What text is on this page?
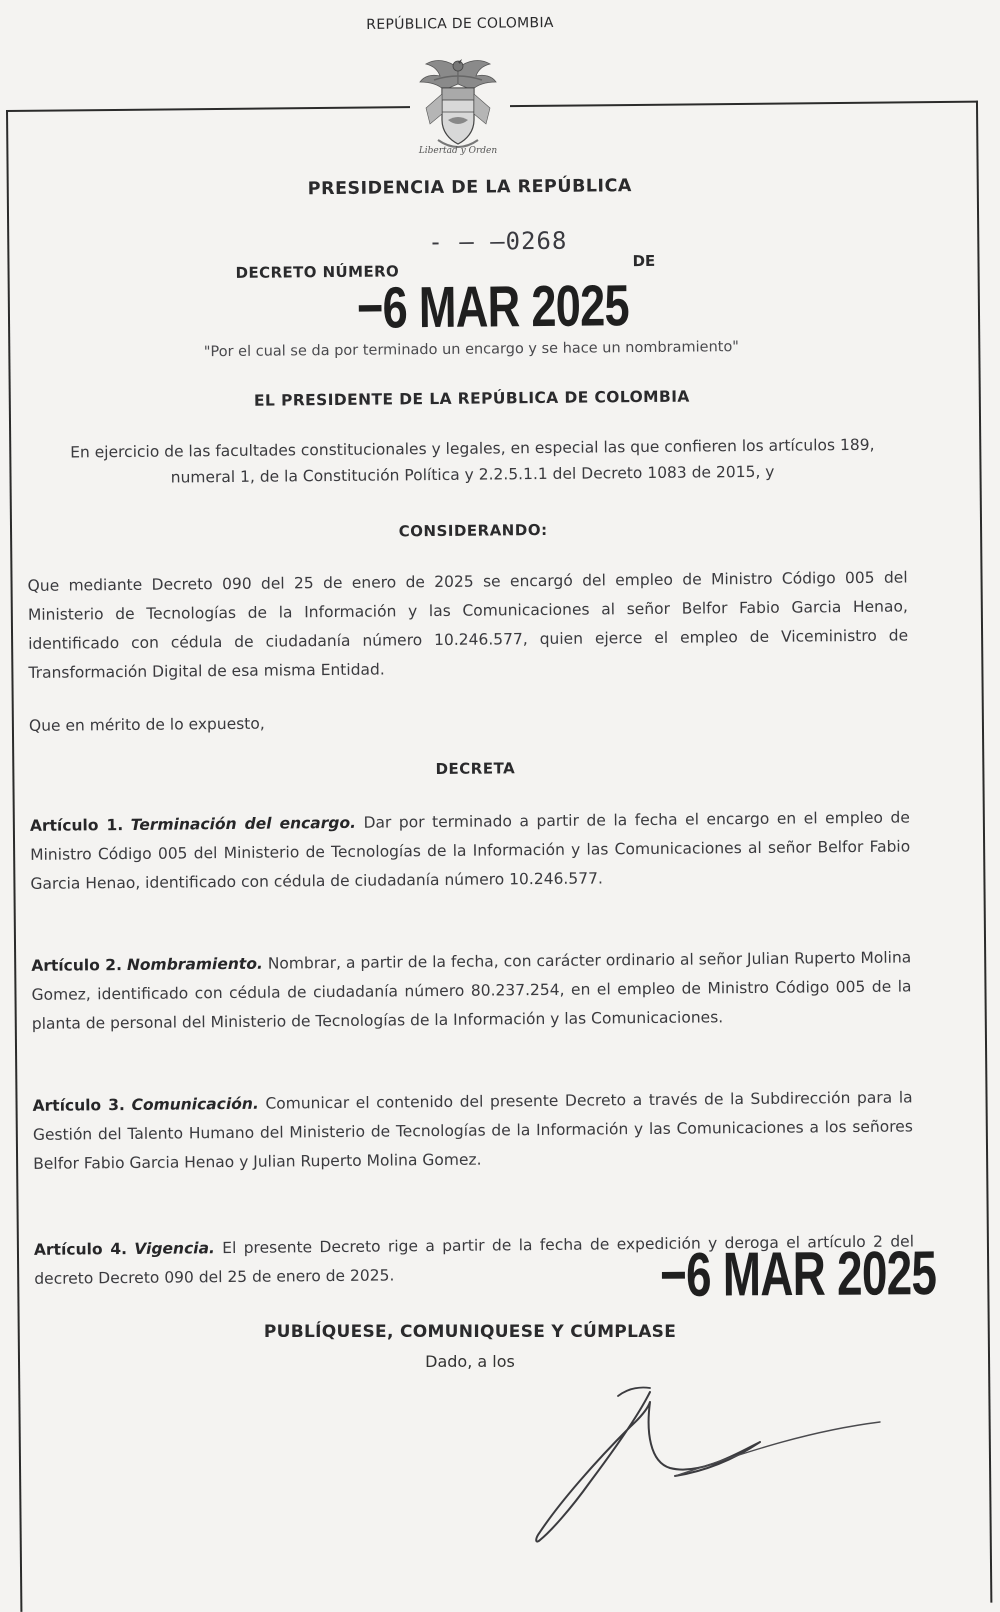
REPÚBLICA DE COLOMBIA
Libertad y Orden
PRESIDENCIA DE LA REPÚBLICA
- ‒ ‒0268
DECRETO NÚMERO
DE
−6 MAR 2025
"Por el cual se da por terminado un encargo y se hace un nombramiento"
EL PRESIDENTE DE LA REPÚBLICA DE COLOMBIA
En ejercicio de las facultades constitucionales y legales, en especial las que confieren los artículos 189, numeral 1, de la Constitución Política y 2.2.5.1.1 del Decreto 1083 de 2015, y
CONSIDERANDO:
Que mediante Decreto 090 del 25 de enero de 2025 se encargó del empleo de Ministro Código 005 del Ministerio de Tecnologías de la Información y las Comunicaciones al señor Belfor Fabio Garcia Henao, identificado con cédula de ciudadanía número 10.246.577, quien ejerce el empleo de Viceministro de Transformación Digital de esa misma Entidad.
Que en mérito de lo expuesto,
DECRETA
Artículo 1. Terminación del encargo. Dar por terminado a partir de la fecha el encargo en el empleo de Ministro Código 005 del Ministerio de Tecnologías de la Información y las Comunicaciones al señor Belfor Fabio Garcia Henao, identificado con cédula de ciudadanía número 10.246.577.
Artículo 2. Nombramiento. Nombrar, a partir de la fecha, con carácter ordinario al señor Julian Ruperto Molina Gomez, identificado con cédula de ciudadanía número 80.237.254, en el empleo de Ministro Código 005 de la planta de personal del Ministerio de Tecnologías de la Información y las Comunicaciones.
Artículo 3. Comunicación. Comunicar el contenido del presente Decreto a través de la Subdirección para la Gestión del Talento Humano del Ministerio de Tecnologías de la Información y las Comunicaciones a los señores Belfor Fabio Garcia Henao y Julian Ruperto Molina Gomez.
Artículo 4. Vigencia. El presente Decreto rige a partir de la fecha de expedición y deroga el artículo 2 del decreto Decreto 090 del 25 de enero de 2025.	−6 MAR 2025
PUBLÍQUESE, COMUNIQUESE Y CÚMPLASE
Dado, a los
